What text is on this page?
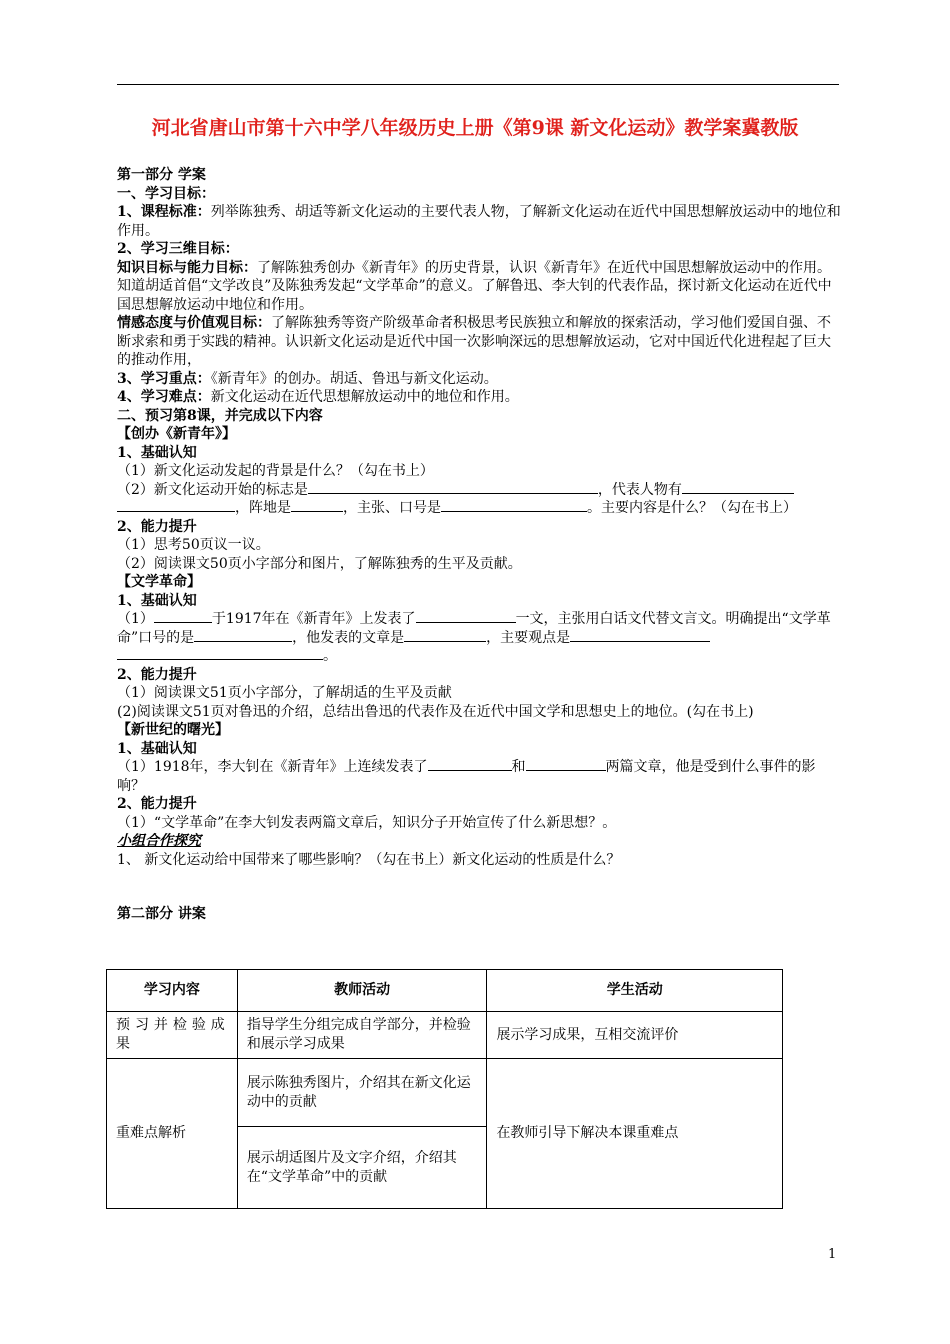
河北省唐山市第十六中学八年级历史上册《第9课 新文化运动》教学案冀教版

第一部分 学案

一、学习目标：

1、课程标准：列举陈独秀、胡适等新文化运动的主要代表人物，了解新文化运动在近代中国思想解放运动中的地位和作用。

2、学习三维目标：

知识目标与能力目标：了解陈独秀创办《新青年》的历史背景，认识《新青年》在近代中国思想解放运动中的作用。知道胡适首倡“文学改良”及陈独秀发起“文学革命”的意义。了解鲁迅、李大钊的代表作品，探讨新文化运动在近代中国思想解放运动中地位和作用。

情感态度与价值观目标：了解陈独秀等资产阶级革命者积极思考民族独立和解放的探索活动，学习他们爱国自强、不断求索和勇于实践的精神。认识新文化运动是近代中国一次影响深远的思想解放运动，它对中国近代化进程起了巨大的推动作用，

3、学习重点：《新青年》的创办。胡适、鲁迅与新文化运动。

4、学习难点：新文化运动在近代思想解放运动中的地位和作用。

二、预习第8课，并完成以下内容

【创办《新青年》】

1、基础认知

（1）新文化运动发起的背景是什么？（勾在书上）

（2）新文化运动开始的标志是	，代表人物有，阵地是	，主张、口号是	。主要内容是什么？（勾在书上）

2、能力提升

（1）思考50页议一议。

（2）阅读课文50页小字部分和图片，了解陈独秀的生平及贡献。

【文学革命】

1、基础认知

（1）	于1917年在《新青年》上发表了	一文，主张用白话文代替文言文。明确提出“文学革命”口号的是	，他发表的文章是	，主要观点是。

2、能力提升

（1）阅读课文51页小字部分，了解胡适的生平及贡献

(2)阅读课文51页对鲁迅的介绍，总结出鲁迅的代表作及在近代中国文学和思想史上的地位。(勾在书上)

【新世纪的曙光】

1、基础认知

（1）1918年，李大钊在《新青年》上连续发表了	和	两篇文章，他是受到什么事件的影响？

2、能力提升

（1）“文学革命”在李大钊发表两篇文章后，知识分子开始宣传了什么新思想？。

小组合作探究

1、 新文化运动给中国带来了哪些影响？（勾在书上）新文化运动的性质是什么？

第二部分 讲案

学习内容	教师活动	学生活动
预习并检验成果	指导学生分组完成自学部分，并检验和展示学习成果	展示学习成果，互相交流评价
重难点解析	展示陈独秀图片，介绍其在新文化运动中的贡献	在教师引导下解决本课重难点
	展示胡适图片及文字介绍，介绍其在“文学革命”中的贡献	
1
